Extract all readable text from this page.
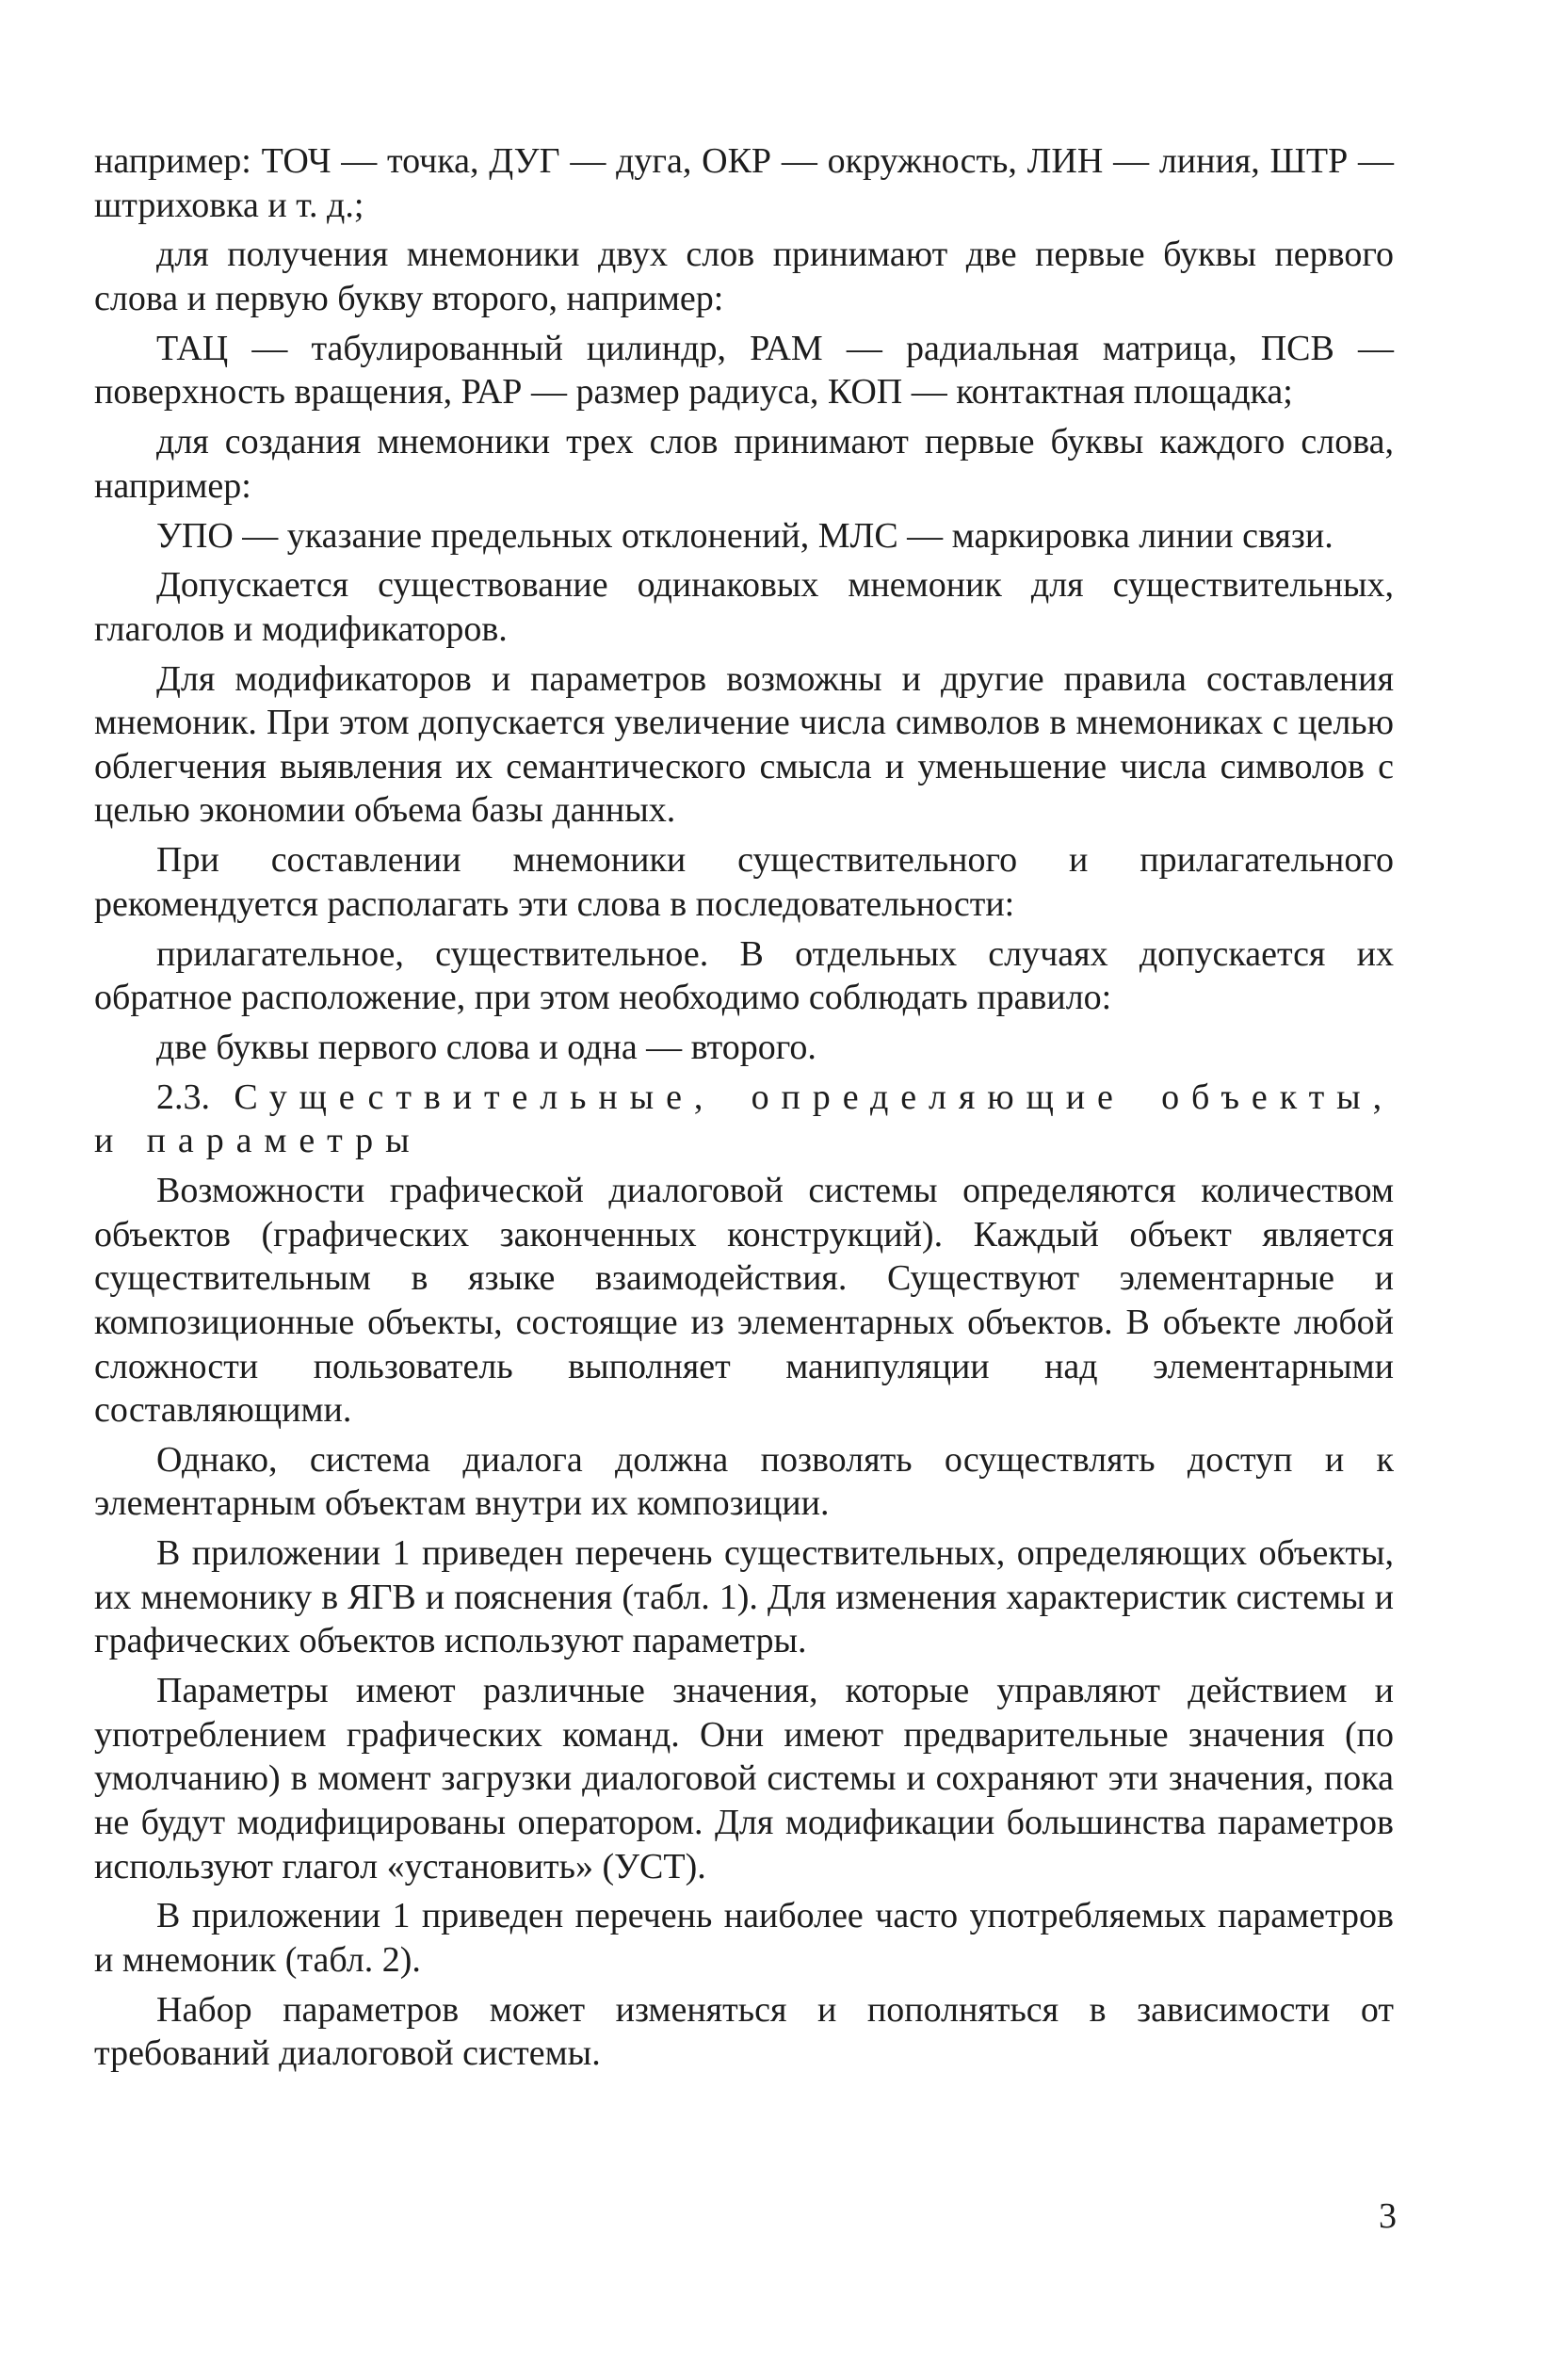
например: ТОЧ — точка, ДУГ — дуга, ОКР — окружность, ЛИН — линия, ШТР — штриховка и т. д.;

для получения мнемоники двух слов принимают две первые буквы первого слова и первую букву второго, например:

ТАЦ — табулированный цилиндр, РАМ — радиальная матрица, ПСВ — поверхность вращения, РАР — размер радиуса, КОП — контактная площадка;

для создания мнемоники трех слов принимают первые буквы каждого слова, например:

УПО — указание предельных отклонений, МЛС — маркировка линии связи.

Допускается существование одинаковых мнемоник для существительных, глаголов и модификаторов.

Для модификаторов и параметров возможны и другие правила составления мнемоник. При этом допускается увеличение числа символов в мнемониках с целью облегчения выявления их семантического смысла и уменьшение числа символов с целью экономии объема базы данных.

При составлении мнемоники существительного и прилагательного рекомендуется располагать эти слова в последовательности:

прилагательное, существительное. В отдельных случаях допускается их обратное расположение, при этом необходимо соблюдать правило:

две буквы первого слова и одна — второго.

2.3. Существительные, определяющие объекты, и параметры

Возможности графической диалоговой системы определяются количеством объектов (графических законченных конструкций). Каждый объект является существительным в языке взаимодействия. Существуют элементарные и композиционные объекты, состоящие из элементарных объектов. В объекте любой сложности пользователь выполняет манипуляции над элементарными составляющими.

Однако, система диалога должна позволять осуществлять доступ и к элементарным объектам внутри их композиции.

В приложении 1 приведен перечень существительных, определяющих объекты, их мнемонику в ЯГВ и пояснения (табл. 1). Для изменения характеристик системы и графических объектов используют параметры.

Параметры имеют различные значения, которые управляют действием и употреблением графических команд. Они имеют предварительные значения (по умолчанию) в момент загрузки диалоговой системы и сохраняют эти значения, пока не будут модифицированы оператором. Для модификации большинства параметров используют глагол «установить» (УСТ).

В приложении 1 приведен перечень наиболее часто употребляемых параметров и мнемоник (табл. 2).

Набор параметров может изменяться и пополняться в зависимости от требований диалоговой системы.

3
